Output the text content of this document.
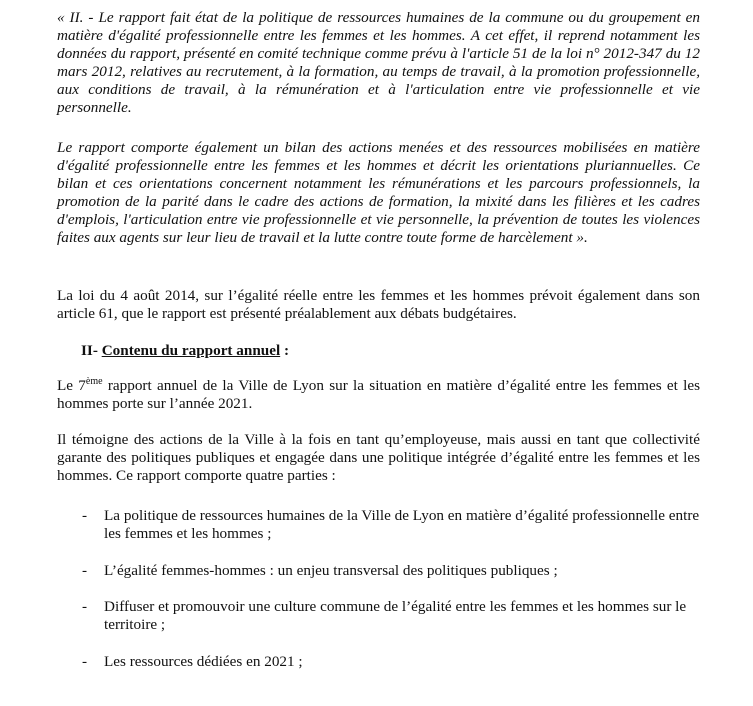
« II. - Le rapport fait état de la politique de ressources humaines de la commune ou du groupement en matière d'égalité professionnelle entre les femmes et les hommes. A cet effet, il reprend notamment les données du rapport, présenté en comité technique comme prévu à l'article 51 de la loi n° 2012-347 du 12 mars 2012, relatives au recrutement, à la formation, au temps de travail, à la promotion professionnelle, aux conditions de travail, à la rémunération et à l'articulation entre vie professionnelle et vie personnelle.

Le rapport comporte également un bilan des actions menées et des ressources mobilisées en matière d'égalité professionnelle entre les femmes et les hommes et décrit les orientations pluriannuelles. Ce bilan et ces orientations concernent notamment les rémunérations et les parcours professionnels, la promotion de la parité dans le cadre des actions de formation, la mixité dans les filières et les cadres d'emplois, l'articulation entre vie professionnelle et vie personnelle, la prévention de toutes les violences faites aux agents sur leur lieu de travail et la lutte contre toute forme de harcèlement ».

La loi du 4 août 2014, sur l’égalité réelle entre les femmes et les hommes prévoit également dans son article 61, que le rapport est présenté préalablement aux débats budgétaires.

II- Contenu du rapport annuel :

Le 7ème rapport annuel de la Ville de Lyon sur la situation en matière d’égalité entre les femmes et les hommes porte sur l’année 2021.

Il témoigne des actions de la Ville à la fois en tant qu’employeuse, mais aussi en tant que collectivité garante des politiques publiques et engagée dans une politique intégrée d’égalité entre les femmes et les hommes. Ce rapport comporte quatre parties :

- La politique de ressources humaines de la Ville de Lyon en matière d’égalité professionnelle entre les femmes et les hommes ;
- L’égalité femmes-hommes : un enjeu transversal des politiques publiques ;
- Diffuser et promouvoir une culture commune de l’égalité entre les femmes et les hommes sur le territoire ;
- Les ressources dédiées en 2021 ;
